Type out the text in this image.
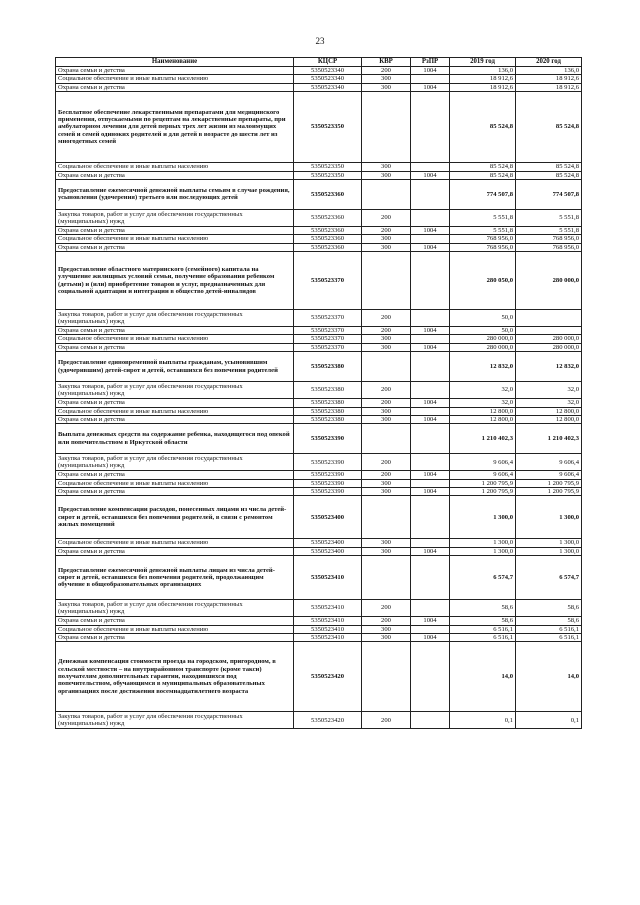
23
Наименование	КЦСР	КВР	РзПР	2019 год	2020 год
Охрана семьи и детства	5350523340	200	1004	136,0	136,0
Социальное обеспечение и иные выплаты населению	5350523340	300		18 912,6	18 912,6
Охрана семьи и детства	5350523340	300	1004	18 912,6	18 912,6
Бесплатное обеспечение лекарственными препаратами для медицинского применения, отпускаемыми по рецептам на лекарственные препараты, при амбулаторном лечении для детей первых трех лет жизни из малоимущих семей и семей одиноких родителей и для детей в возрасте до шести лет из многодетных семей	5350523350			85 524,8	85 524,8
Социальное обеспечение и иные выплаты населению	5350523350	300		85 524,8	85 524,8
Охрана семьи и детства	5350523350	300	1004	85 524,8	85 524,8
Предоставление ежемесячной денежной выплаты семьям в случае рождения, усыновления (удочерения) третьего или последующих детей	5350523360			774 507,8	774 507,8
Закупка товаров, работ и услуг для обеспечения государственных (муниципальных) нужд	5350523360	200		5 551,8	5 551,8
Охрана семьи и детства	5350523360	200	1004	5 551,8	5 551,8
Социальное обеспечение и иные выплаты населению	5350523360	300		768 956,0	768 956,0
Охрана семьи и детства	5350523360	300	1004	768 956,0	768 956,0
Предоставление областного материнского (семейного) капитала на улучшение жилищных условий семьи, получение образования ребенком (детьми) и (или) приобретение товаров и услуг, предназначенных для социальной адаптации и интеграции в общество детей-инвалидов	5350523370			280 050,0	280 000,0
Закупка товаров, работ и услуг для обеспечения государственных (муниципальных) нужд	5350523370	200		50,0	
Охрана семьи и детства	5350523370	200	1004	50,0	
Социальное обеспечение и иные выплаты населению	5350523370	300		280 000,0	280 000,0
Охрана семьи и детства	5350523370	300	1004	280 000,0	280 000,0
Предоставление единовременной выплаты гражданам, усыновившим (удочерившим) детей-сирот и детей, оставшихся без попечения родителей	5350523380			12 832,0	12 832,0
Закупка товаров, работ и услуг для обеспечения государственных (муниципальных) нужд	5350523380	200		32,0	32,0
Охрана семьи и детства	5350523380	200	1004	32,0	32,0
Социальное обеспечение и иные выплаты населению	5350523380	300		12 800,0	12 800,0
Охрана семьи и детства	5350523380	300	1004	12 800,0	12 800,0
Выплата денежных средств на содержание ребенка, находящегося под опекой или попечительством в Иркутской области	5350523390			1 210 402,3	1 210 402,3
Закупка товаров, работ и услуг для обеспечения государственных (муниципальных) нужд	5350523390	200		9 606,4	9 606,4
Охрана семьи и детства	5350523390	200	1004	9 606,4	9 606,4
Социальное обеспечение и иные выплаты населению	5350523390	300		1 200 795,9	1 200 795,9
Охрана семьи и детства	5350523390	300	1004	1 200 795,9	1 200 795,9
Предоставление компенсации расходов, понесенных лицами из числа детей-сирот и детей, оставшихся без попечения родителей, в связи с ремонтом жилых помещений	5350523400			1 300,0	1 300,0
Социальное обеспечение и иные выплаты населению	5350523400	300		1 300,0	1 300,0
Охрана семьи и детства	5350523400	300	1004	1 300,0	1 300,0
Предоставление ежемесячной денежной выплаты лицам из числа детей-сирот и детей, оставшихся без попечения родителей, продолжающим обучение в общеобразовательных организациях	5350523410			6 574,7	6 574,7
Закупка товаров, работ и услуг для обеспечения государственных (муниципальных) нужд	5350523410	200		58,6	58,6
Охрана семьи и детства	5350523410	200	1004	58,6	58,6
Социальное обеспечение и иные выплаты населению	5350523410	300		6 516,1	6 516,1
Охрана семьи и детства	5350523410	300	1004	6 516,1	6 516,1
Денежная компенсация стоимости проезда на городском, пригородном, в сельской местности – на внутрирайонном транспорте (кроме такси) получателям дополнительных гарантии, находившихся под попечительством, обучающимся в муниципальных образовательных организациях после достижения восемнадцатилетнего возраста	5350523420			14,0	14,0
Закупка товаров, работ и услуг для обеспечения государственных (муниципальных) нужд	5350523420	200		0,1	0,1
